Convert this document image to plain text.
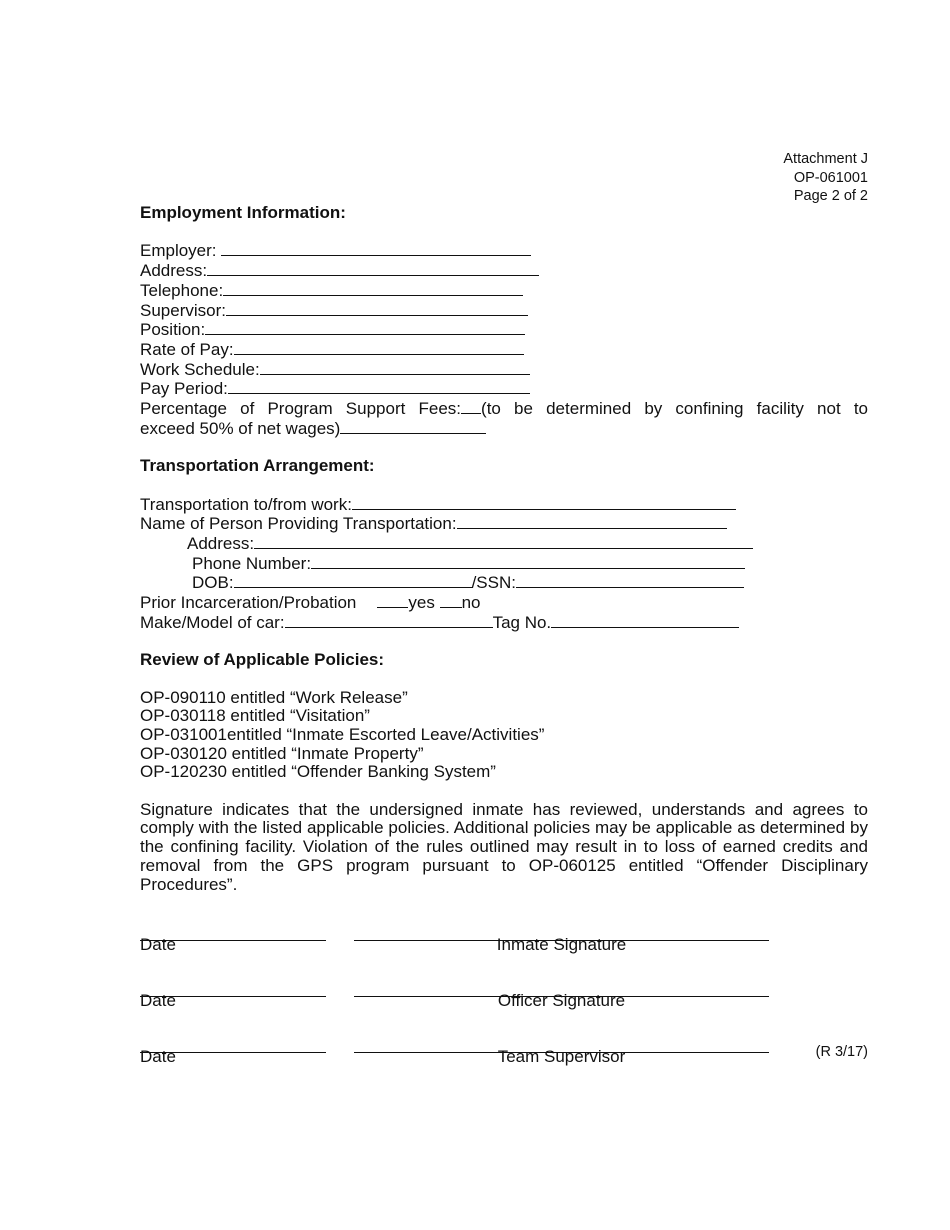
Attachment J
OP-061001
Page 2 of 2

Employment Information:

Employer:

Address:
Telephone:
Supervisor:
Position:
Rate of Pay:
Work Schedule:
Pay Period:
Percentage of Program Support Fees: (to be determined by confining facility not to
exceed 50% of net wages)

Transportation Arrangement:

Transportation to/from work:
Name of Person Providing Transportation:
Address:
Phone Number:
DOB:	/SSN:
Prior Incarceration/Probation	yes
no
Make/Model of car:	Tag No.

Review of Applicable Policies:

OP-090110 entitled “Work Release”
OP-030118 entitled “Visitation”
OP-031001entitled “Inmate Escorted Leave/Activities”
OP-030120 entitled “Inmate Property”
OP-120230 entitled “Offender Banking System”
Signature indicates that the undersigned inmate has reviewed, understands and agrees to comply with the listed applicable policies. Additional policies may be applicable as determined by the confining facility. Violation of the rules outlined may result in to loss of earned credits and removal from the GPS program pursuant to OP-060125 entitled “Offender Disciplinary Procedures”.
Date	Inmate Signature
Date	Officer Signature
Date	Team Supervisor	(R 3/17)
